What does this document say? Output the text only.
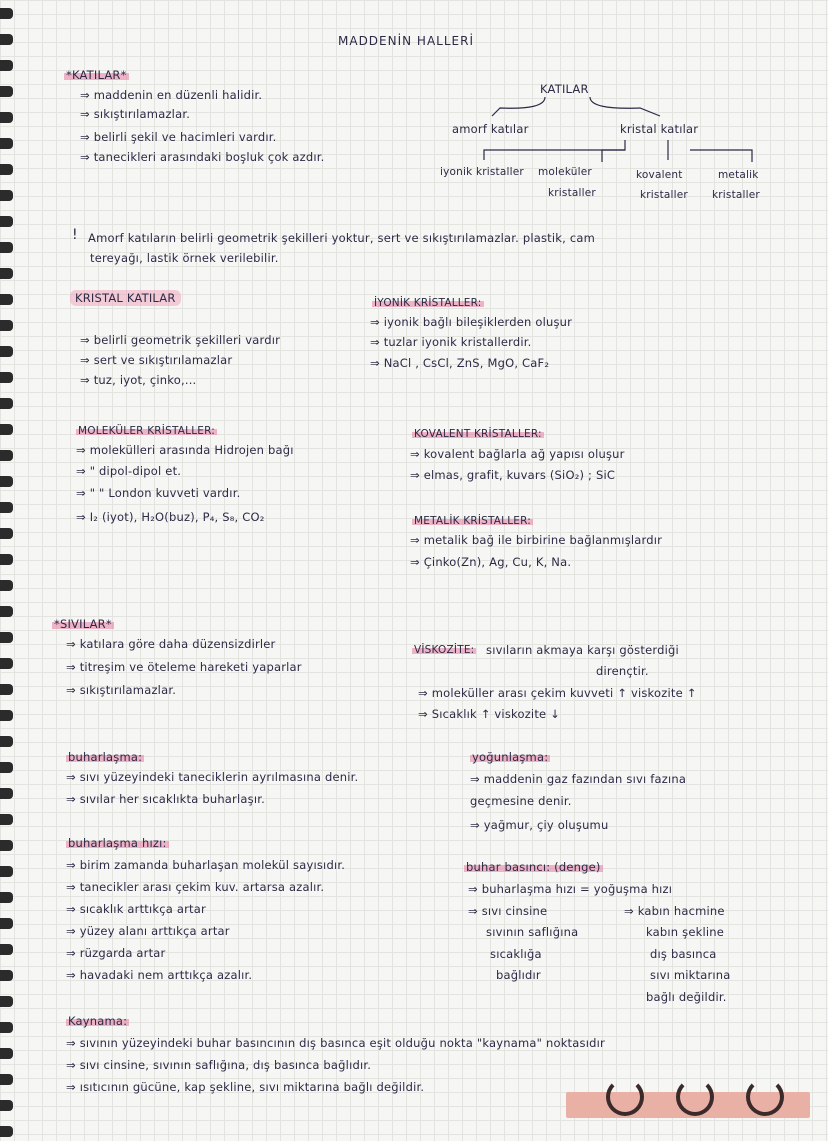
MADDENİN HALLERİ
*KATILAR*
⇒ maddenin en düzenli halidir.
⇒ sıkıştırılamazlar.
⇒ belirli şekil ve hacimleri vardır.
⇒ tanecikleri arasındaki boşluk çok azdır.
KATILAR
amorf katılar	kristal katılar
iyonik kristaller moleküler
kristaller
kovalent
kristaller
metalik
kristaller
! Amorf katıların belirli geometrik şekilleri yoktur, sert ve sıkıştırılamazlar. plastik, cam
tereyağı, lastik örnek verilebilir.
KRISTAL KATILAR
⇒ belirli geometrik şekilleri vardır
⇒ sert ve sıkıştırılamazlar
⇒ tuz, iyot, çinko,...
İYONİK KRİSTALLER:
⇒ iyonik bağlı bileşiklerden oluşur
⇒ tuzlar iyonik kristallerdir.
⇒ NaCl , CsCl, ZnS, MgO, CaF₂
MOLEKÜLER KRİSTALLER:
⇒ molekülleri arasında Hidrojen bağı
⇒ " dipol-dipol et.
⇒ " " London kuvveti vardır.
⇒ I₂ (iyot), H₂O(buz), P₄, S₈, CO₂
KOVALENT KRİSTALLER:
⇒ kovalent bağlarla ağ yapısı oluşur
⇒ elmas, grafit, kuvars (SiO₂) ; SiC
METALİK KRİSTALLER:
⇒ metalik bağ ile birbirine bağlanmışlardır
⇒ Çinko(Zn), Ag, Cu, K, Na.
*SIVILAR*
⇒ katılara göre daha düzensizdirler
⇒ titreşim ve öteleme hareketi yaparlar
⇒ sıkıştırılamazlar.
VİSKOZİTE: sıvıların akmaya karşı gösterdiği
dirençtir.
⇒ moleküller arası çekim kuvveti ↑ viskozite ↑
⇒ Sıcaklık ↑ viskozite ↓
buharlaşma:
⇒ sıvı yüzeyindeki taneciklerin ayrılmasına denir.
⇒ sıvılar her sıcaklıkta buharlaşır.
yoğunlaşma:
⇒ maddenin gaz fazından sıvı fazına
geçmesine denir.
⇒ yağmur, çiy oluşumu
buharlaşma hızı:
⇒ birim zamanda buharlaşan molekül sayısıdır.
⇒ tanecikler arası çekim kuv. artarsa azalır.
⇒ sıcaklık arttıkça artar
⇒ yüzey alanı arttıkça artar
⇒ rüzgarda artar
⇒ havadaki nem arttıkça azalır.
buhar basıncı: (denge)
⇒ buharlaşma hızı = yoğuşma hızı
⇒ sıvı cinsine
sıvının saflığına
sıcaklığa
bağlıdır
⇒ kabın hacmine
kabın şekline
dış basınca
sıvı miktarına
bağlı değildir.
Kaynama:
⇒ sıvının yüzeyindeki buhar basıncının dış basınca eşit olduğu nokta "kaynama" noktasıdır
⇒ sıvı cinsine, sıvının saflığına, dış basınca bağlıdır.
⇒ ısıtıcının gücüne, kap şekline, sıvı miktarına bağlı değildir.
